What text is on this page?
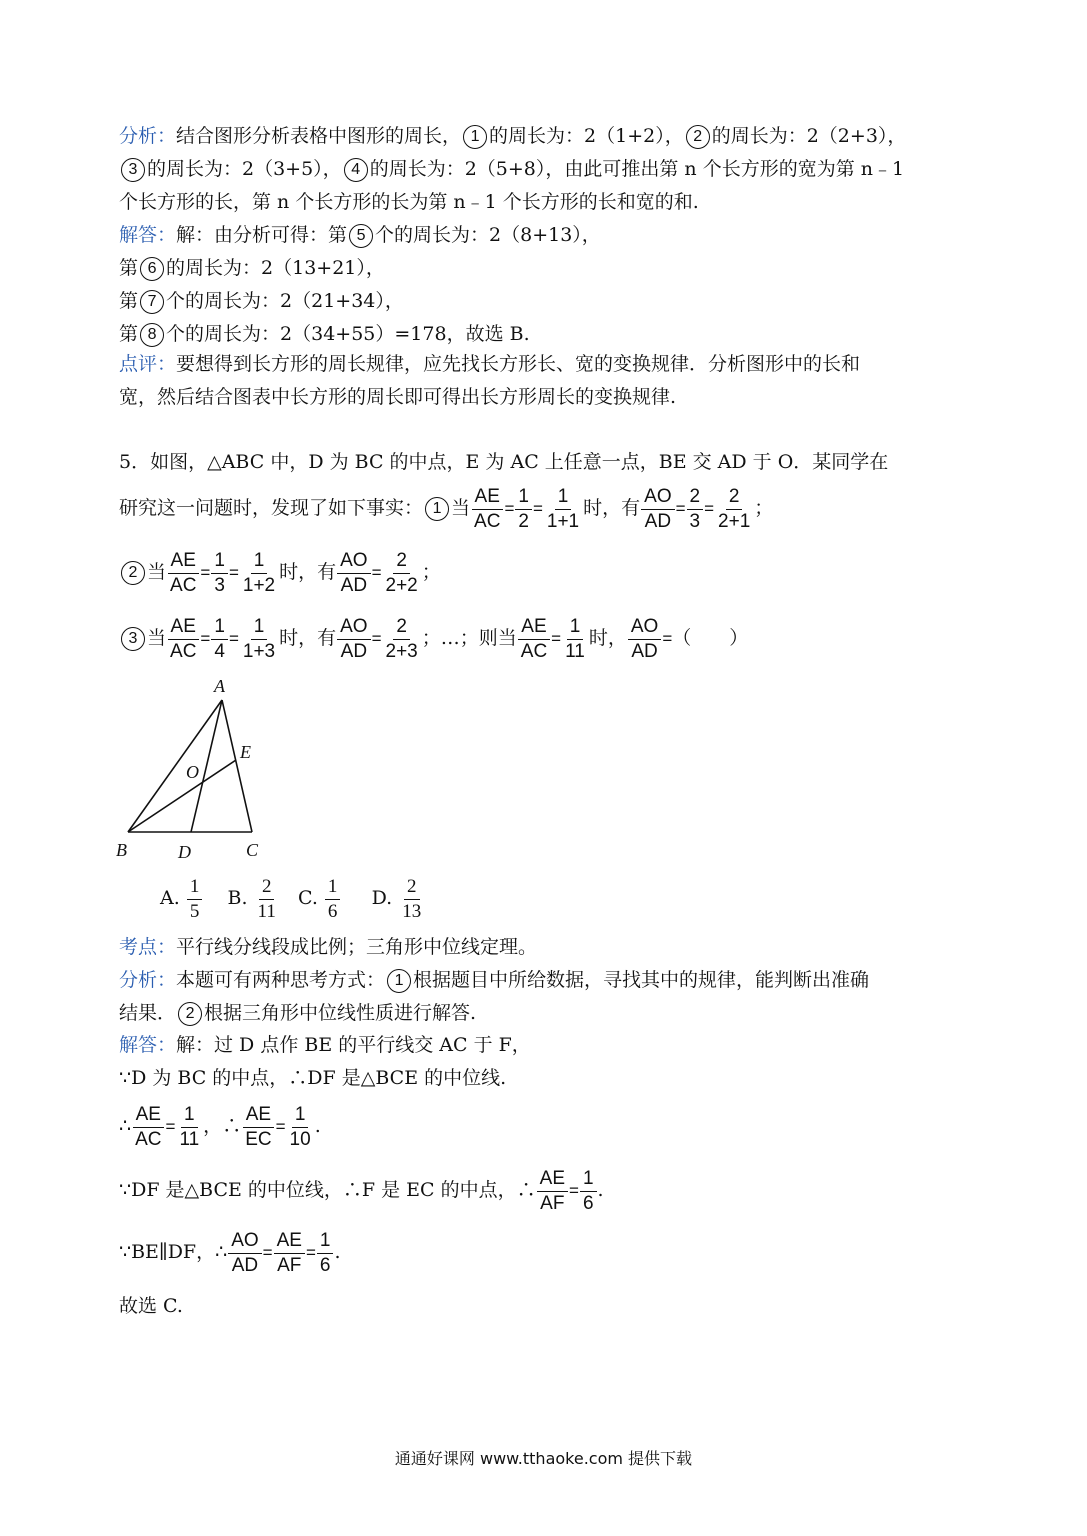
分析：结合图形分析表格中图形的周长， 1 的周长为：2（1+2）， 2 的周长为：2（2+3），
3 的周长为：2（3+5）， 4 的周长为：2（5+8），由此可推出第 n 个长方形的宽为第 n﹣1
个长方形的长，第 n 个长方形的长为第 n﹣1 个长方形的长和宽的和.
解答：解：由分析可得：第 5 个的周长为：2（8+13），
第 6 的周长为：2（13+21），
第 7 个的周长为：2（21+34），
第 8 个的周长为：2（34+55）=178，故选 B.
点评：要想得到长方形的周长规律，应先找长方形长、宽的变换规律．分析图形中的长和
宽，然后结合图表中长方形的周长即可得出长方形周长的变换规律.
5．如图，△ABC 中，D 为 BC 的中点，E 为 AC 上任意一点，BE 交 AD 于 O．某同学在
研究这一问题时，发现了如下事实： 1 当 $\frac{AE}{AC} = \frac{1}{2} = \frac{1}{1+1}$ 时，有 $\frac{AO}{AD} = \frac{2}{3} = \frac{2}{2+1}$ ；
2 当 $\frac{AE}{AC} = \frac{1}{3} = \frac{1}{1+2}$ 时，有 $\frac{AO}{AD} = \frac{2}{2+2}$ ；
3 当 $\frac{AE}{AC} = \frac{1}{4} = \frac{1}{1+3}$ 时，有 $\frac{AO}{AD} = \frac{2}{2+3}$ ；…；则当 $\frac{AE}{AC} = \frac{1}{11}$ 时， $\frac{AO}{AD}$ =（　　）
A
B	C
D
E
O
A. $\frac{1}{5} B$. $\frac{2}{11} C$. $\frac{1}{6} D$. $\frac{2}{13}$
考点：平行线分线段成比例；三角形中位线定理。
分析：本题可有两种思考方式： 1 根据题目中所给数据，寻找其中的规律，能判断出准确
结果． 2 根据三角形中位线性质进行解答.
解答：解：过 D 点作 BE 的平行线交 AC 于 F，
∵D 为 BC 的中点，∴DF 是△BCE 的中位线.
∴ $\frac{AE}{AC} = \frac{1}{11}$ ，∴ $\frac{AE}{EC} = \frac{1}{10}$ .
∵DF 是△BCE 的中位线，∴F 是 EC 的中点，∴ $\frac{AE}{AF} = \frac{1}{6}$ .
∵BE∥DF，∴ $\frac{AO}{AD} = \frac{AE}{AF} = \frac{1}{6}$ .
故选 C.
通通好课网 www.tthaoke.com 提供下载
